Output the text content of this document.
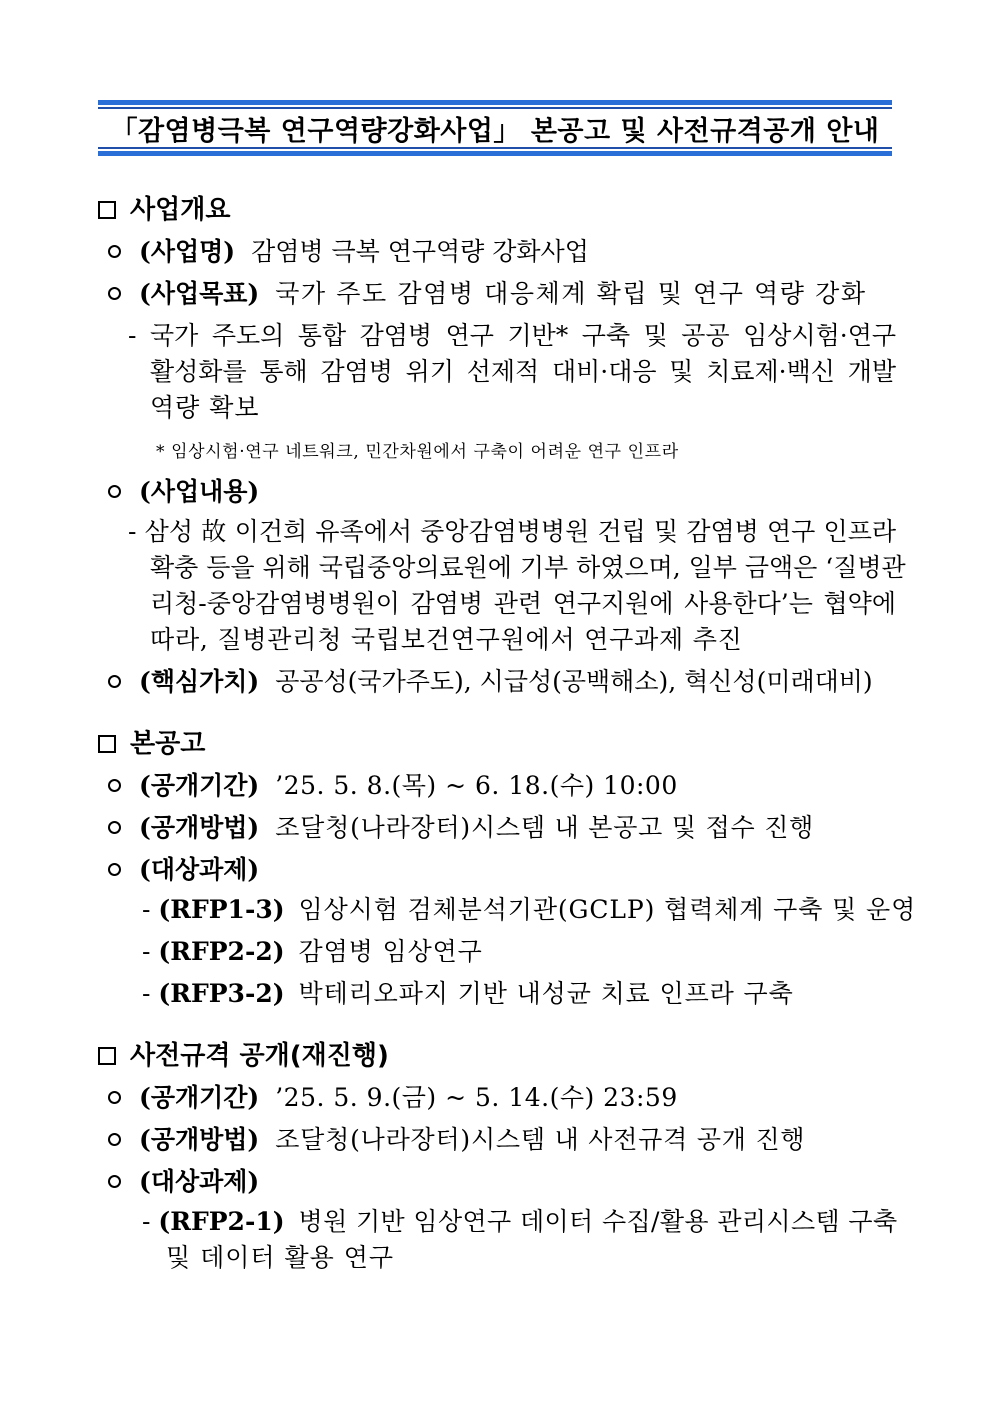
「감염병극복 연구역량강화사업」 본공고 및 사전규격공개 안내
사업개요
(사업명) 감염병 극복 연구역량 강화사업
(사업목표) 국가 주도 감염병 대응체계 확립 및 연구 역량 강화
- 국가 주도의 통합 감염병 연구 기반* 구축 및 공공 임상시험·연구
활성화를 통해 감염병 위기 선제적 대비·대응 및 치료제·백신 개발
역량 확보
* 임상시험·연구 네트워크, 민간차원에서 구축이 어려운 연구 인프라
(사업내용)
- 삼성 故 이건희 유족에서 중앙감염병병원 건립 및 감염병 연구 인프라
확충 등을 위해 국립중앙의료원에 기부 하였으며, 일부 금액은 ‘질병관
리청-중앙감염병병원이 감염병 관련 연구지원에 사용한다’는 협약에
따라, 질병관리청 국립보건연구원에서 연구과제 추진
(핵심가치) 공공성(국가주도), 시급성(공백해소), 혁신성(미래대비)
본공고
(공개기간) ’25. 5. 8.(목) ~ 6. 18.(수) 10:00
(공개방법) 조달청(나라장터)시스템 내 본공고 및 접수 진행
(대상과제)
- (RFP1-3) 임상시험 검체분석기관(GCLP) 협력체계 구축 및 운영
- (RFP2-2) 감염병 임상연구
- (RFP3-2) 박테리오파지 기반 내성균 치료 인프라 구축
사전규격 공개(재진행)
(공개기간) ’25. 5. 9.(금) ~ 5. 14.(수) 23:59
(공개방법) 조달청(나라장터)시스템 내 사전규격 공개 진행
(대상과제)
- (RFP2-1) 병원 기반 임상연구 데이터 수집/활용 관리시스템 구축
및 데이터 활용 연구
